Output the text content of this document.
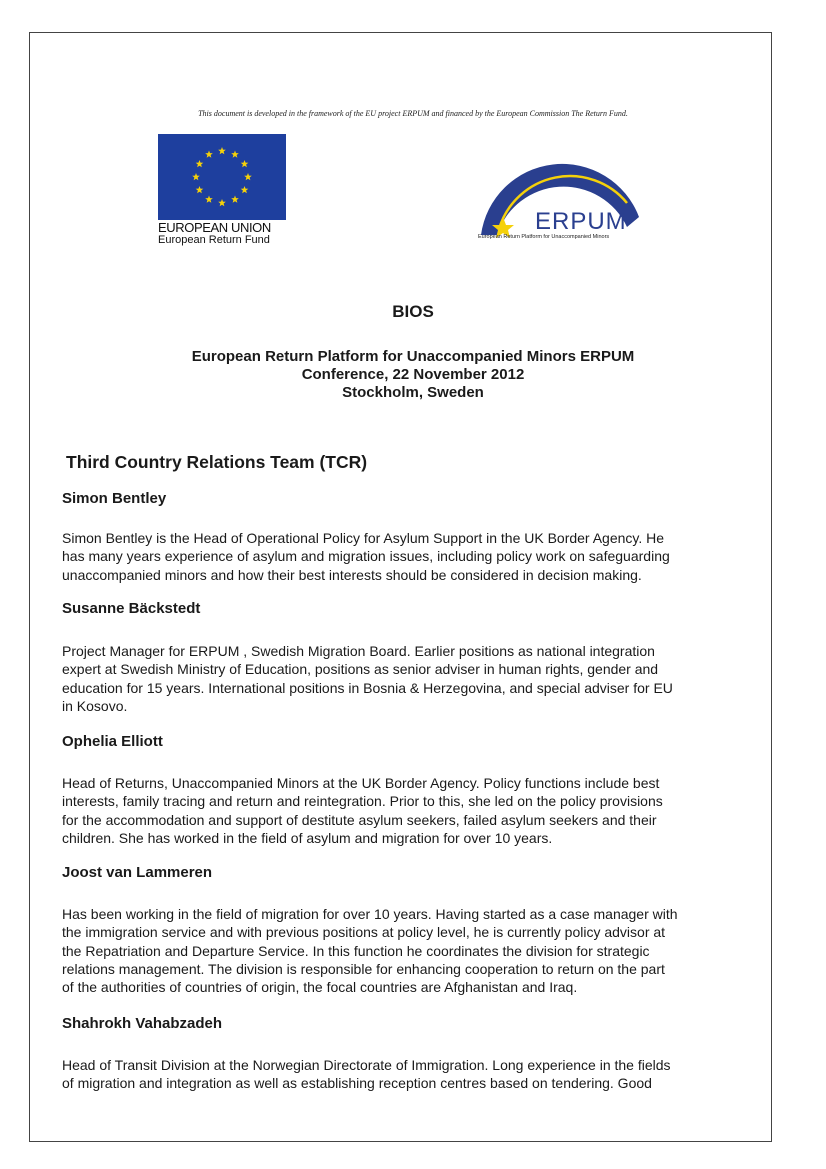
This document is developed in the framework of the EU project ERPUM and financed by the European Commission The Return Fund.
EUROPEAN UNION
European Return Fund
ERPUM
European Return Platform for Unaccompanied Minors
BIOS
European Return Platform for Unaccompanied Minors ERPUM
Conference, 22 November 2012
Stockholm, Sweden
Third Country Relations Team (TCR)
Simon Bentley
Simon Bentley is the Head of Operational Policy for Asylum Support in the UK Border Agency. He
has many years experience of asylum and migration issues, including policy work on safeguarding
unaccompanied minors and how their best interests should be considered in decision making.
Susanne Bäckstedt
Project Manager for ERPUM , Swedish Migration Board. Earlier positions as national integration
expert at Swedish Ministry of Education, positions as senior adviser in human rights, gender and
education for 15 years. International positions in Bosnia & Herzegovina, and special adviser for EU
in Kosovo.
Ophelia Elliott
Head of Returns, Unaccompanied Minors at the UK Border Agency. Policy functions include best
interests, family tracing and return and reintegration. Prior to this, she led on the policy provisions
for the accommodation and support of destitute asylum seekers, failed asylum seekers and their
children. She has worked in the field of asylum and migration for over 10 years.
Joost van Lammeren
Has been working in the field of migration for over 10 years. Having started as a case manager with
the immigration service and with previous positions at policy level, he is currently policy advisor at
the Repatriation and Departure Service. In this function he coordinates the division for strategic
relations management. The division is responsible for enhancing cooperation to return on the part
of the authorities of countries of origin, the focal countries are Afghanistan and Iraq.
Shahrokh Vahabzadeh
Head of Transit Division at the Norwegian Directorate of Immigration. Long experience in the fields
of migration and integration as well as establishing reception centres based on tendering. Good
